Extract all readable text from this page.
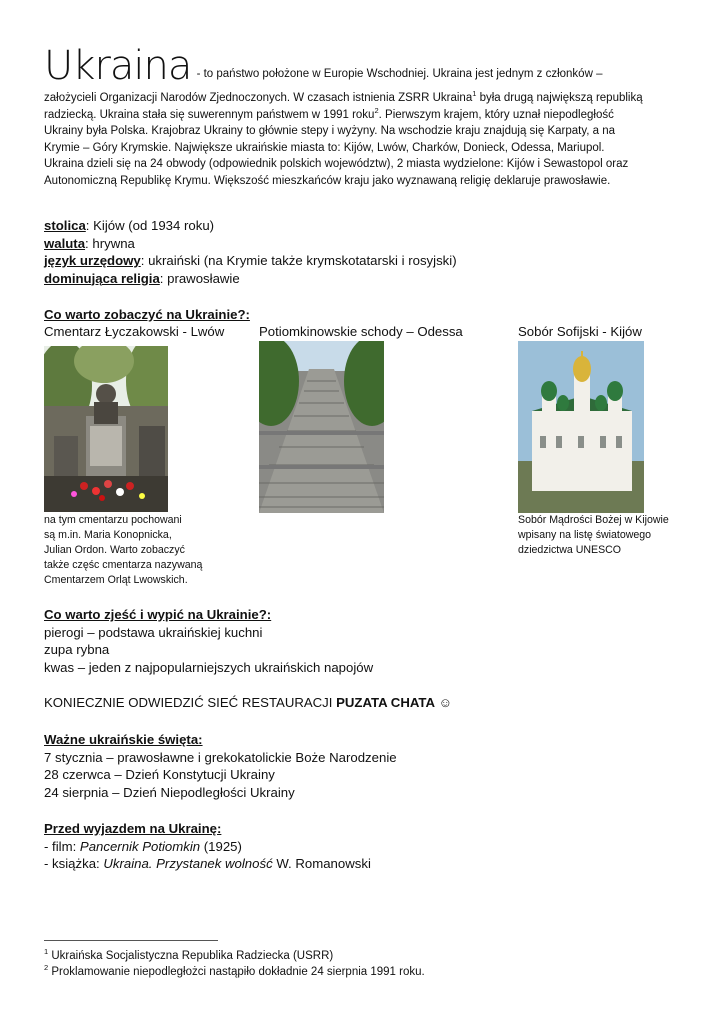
Ukraina - to państwo położone w Europie Wschodniej. Ukraina jest jednym z członków –
założycieli Organizacji Narodów Zjednoczonych. W czasach istnienia ZSRR Ukraina$^1$ była drugą największą republiką
radziecką. Ukraina stała się suwerennym państwem w 1991 roku$^2$. Pierwszym krajem, który uznał niepodległość
Ukrainy była Polska. Krajobraz Ukrainy to głównie stepy i wyżyny. Na wschodzie kraju znajdują się Karpaty, a na
Krymie – Góry Krymskie. Największe ukraińskie miasta to: Kijów, Lwów, Charków, Donieck, Odessa, Mariupol.
Ukraina dzieli się na 24 obwody (odpowiednik polskich województw), 2 miasta wydzielone: Kijów i Sewastopol oraz
Autonomiczną Republikę Krymu. Większość mieszkańców kraju jako wyznawaną religię deklaruje prawosławie.
stolica: Kijów (od 1934 roku)
waluta: hrywna
język urzędowy: ukraiński (na Krymie także krymskotatarski i rosyjski)
dominująca religia: prawosławie
Co warto zobaczyć na Ukrainie?:
Cmentarz Łyczakowski - Lwów	Potiomkinowskie schody – Odessa	Sobór Sofijski - Kijów
na tym cmentarzu pochowani
są m.in. Maria Konopnicka,
Julian Ordon. Warto zobaczyć
także częśc cmentarza nazywaną
Cmentarzem Orląt Lwowskich.
Sobór Mądrości Bożej w Kijowie
wpisany na listę światowego
dziedzictwa UNESCO
Co warto zjeść i wypić na Ukrainie?:
pierogi – podstawa ukraińskiej kuchni
zupa rybna
kwas – jeden z najpopularniejszych ukraińskich napojów
KONIECZNIE ODWIEDZIĆ SIEĆ RESTAURACJI PUZATA CHATA ☺
Ważne ukraińskie święta:
7 stycznia – prawosławne i grekokatolickie Boże Narodzenie
28 czerwca – Dzień Konstytucji Ukrainy
24 sierpnia – Dzień Niepodległości Ukrainy
Przed wyjazdem na Ukrainę:
- film: Pancernik Potiomkin (1925)
- książka: Ukraina. Przystanek wolność W. Romanowski
$^1$ Ukraińska Socjalistyczna Republika Radziecka (USRR)
$^2$ Proklamowanie niepodległożci nastąpiło dokładnie 24 sierpnia 1991 roku.
